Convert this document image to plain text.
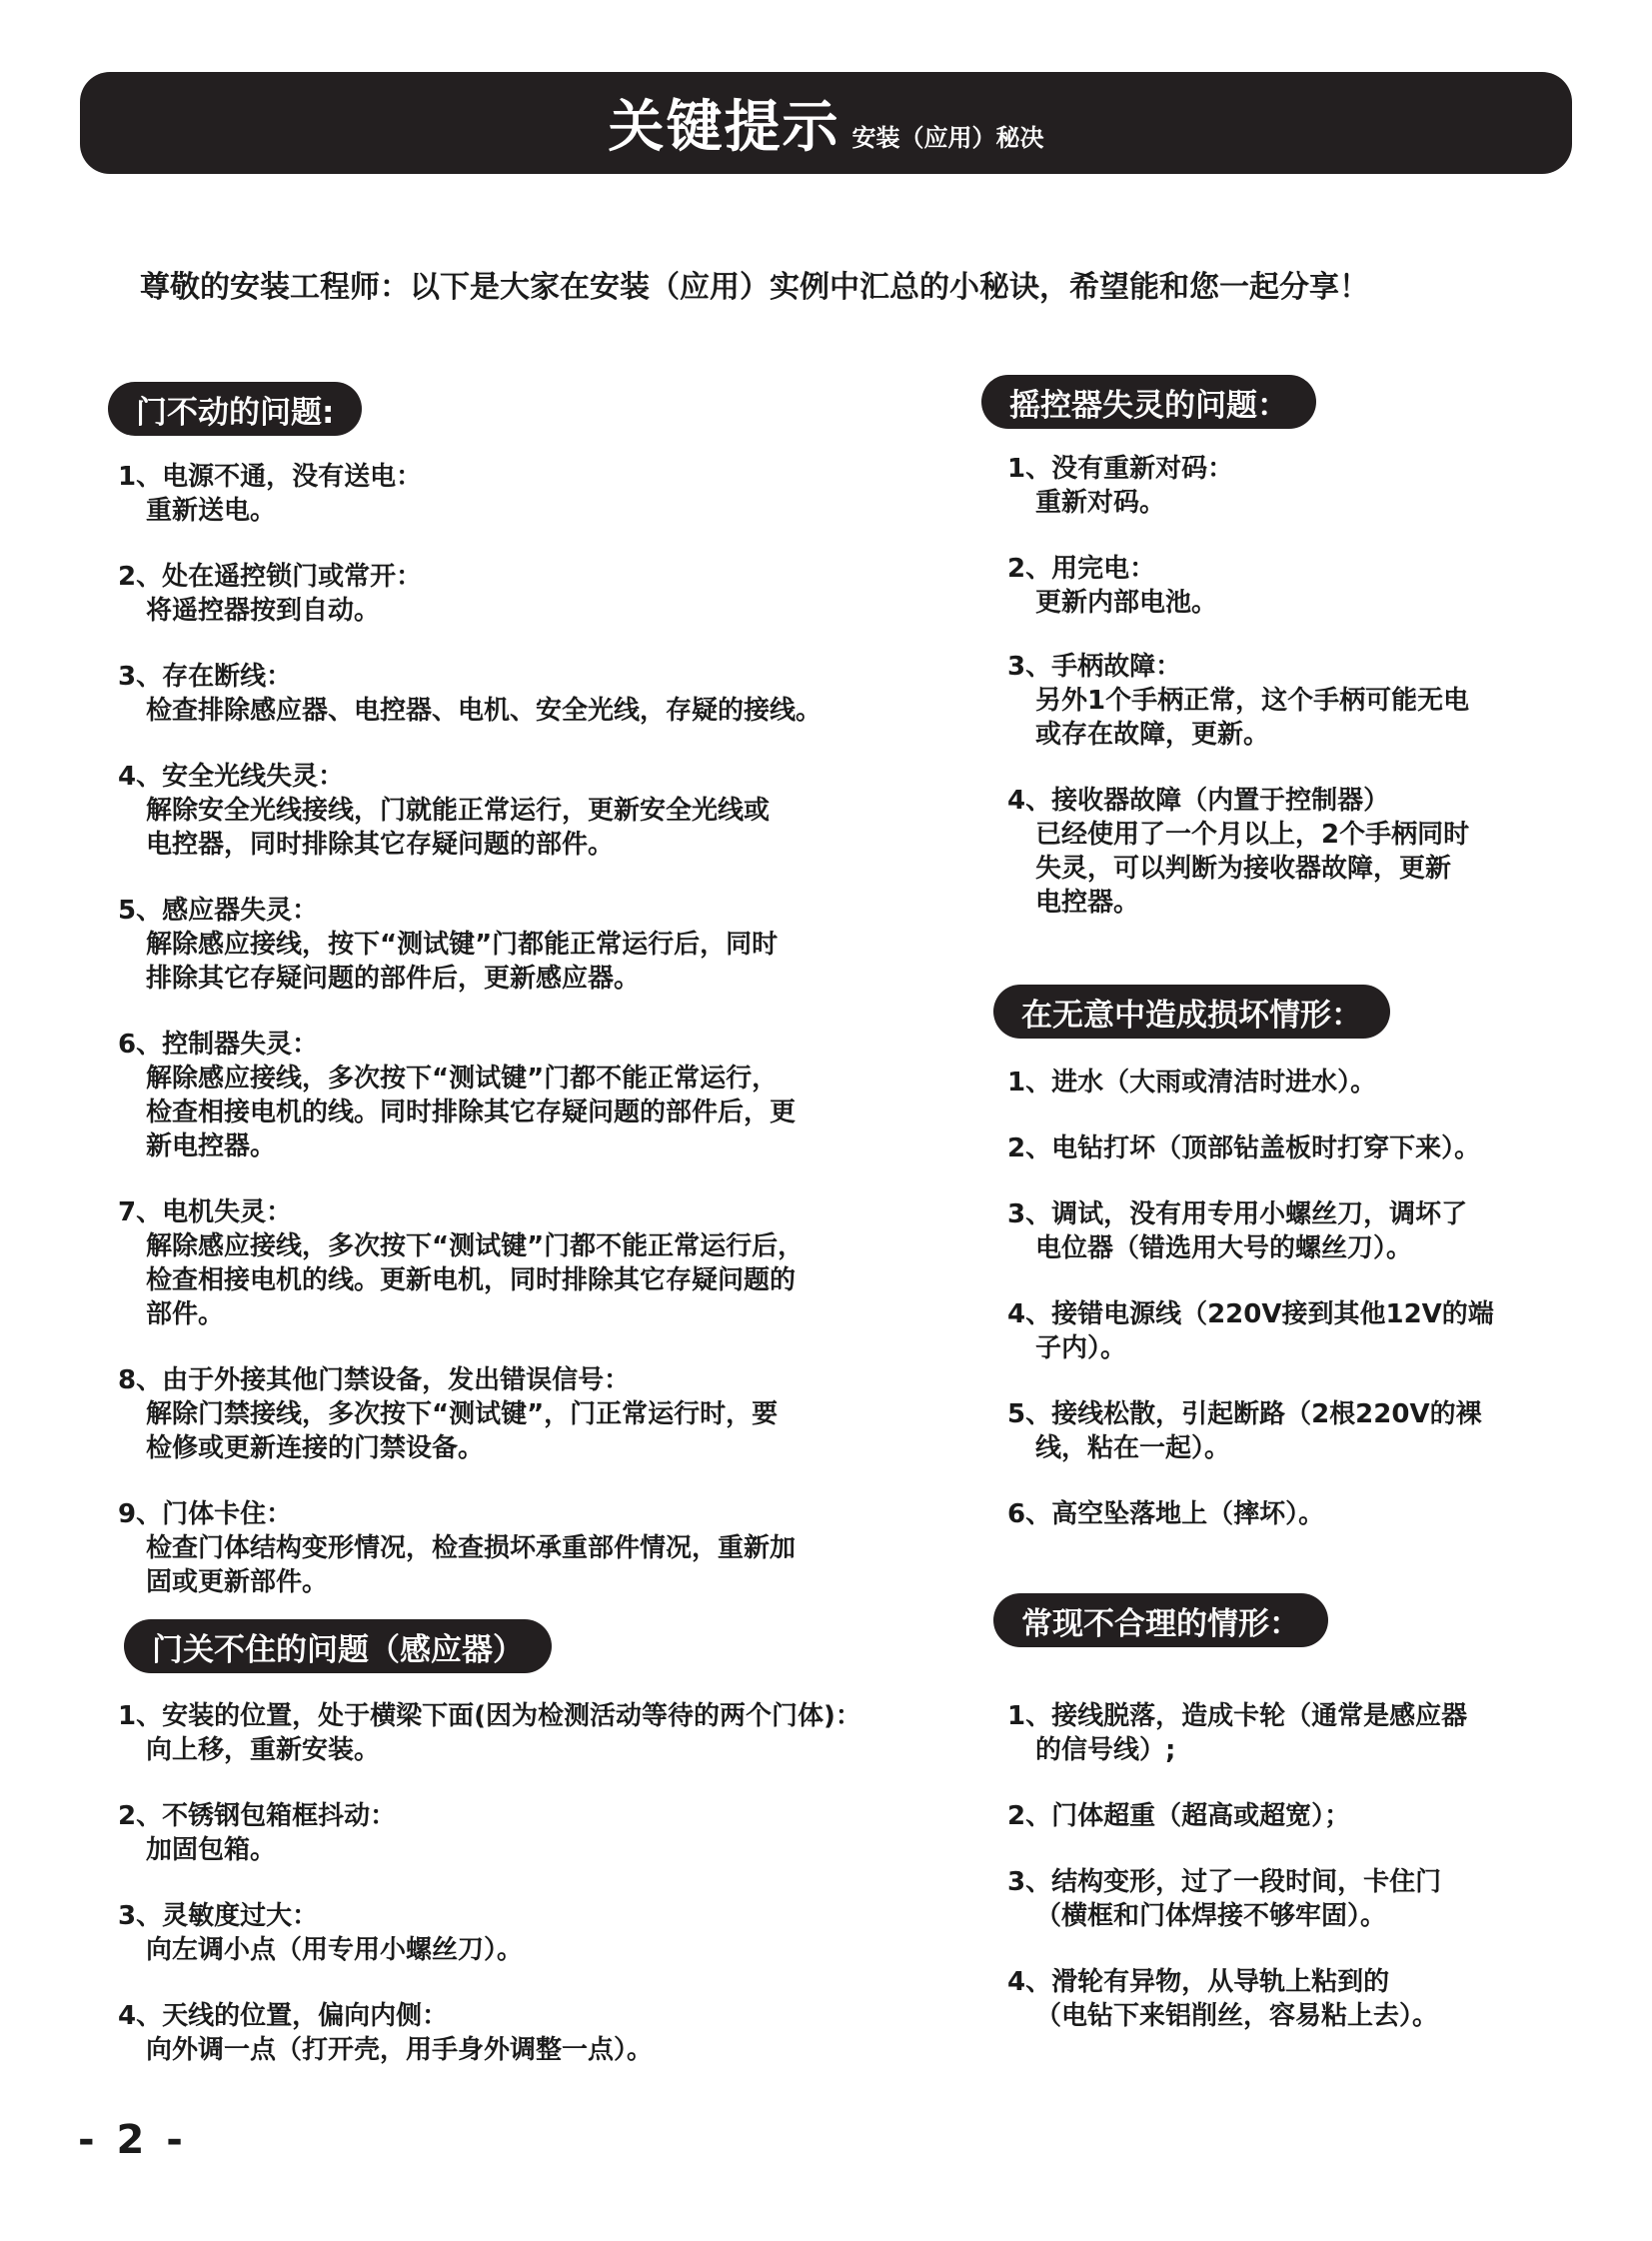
关键提示 安装（应用）秘决
尊敬的安装工程师：以下是大家在安装（应用）实例中汇总的小秘诀，希望能和您一起分享！
门不动的问题:
1、电源不通，没有送电：
重新送电。
2、处在遥控锁门或常开：
将遥控器按到自动。
3、存在断线：
检查排除感应器、电控器、电机、安全光线，存疑的接线。
4、安全光线失灵：
解除安全光线接线，门就能正常运行，更新安全光线或
电控器，同时排除其它存疑问题的部件。
5、感应器失灵：
解除感应接线，按下“测试键”门都能正常运行后，同时
排除其它存疑问题的部件后，更新感应器。
6、控制器失灵：
解除感应接线，多次按下“测试键”门都不能正常运行，
检查相接电机的线。同时排除其它存疑问题的部件后，更
新电控器。
7、电机失灵：
解除感应接线，多次按下“测试键”门都不能正常运行后，
检查相接电机的线。更新电机，同时排除其它存疑问题的
部件。
8、由于外接其他门禁设备，发出错误信号：
解除门禁接线，多次按下“测试键”，门正常运行时，要
检修或更新连接的门禁设备。
9、门体卡住：
检查门体结构变形情况，检查损坏承重部件情况，重新加
固或更新部件。
门关不住的问题（感应器）
1、安装的位置，处于横梁下面(因为检测活动等待的两个门体)：
向上移，重新安装。
2、不锈钢包箱框抖动：
加固包箱。
3、灵敏度过大：
向左调小点（用专用小螺丝刀）。
4、天线的位置，偏向内侧：
向外调一点（打开壳，用手身外调整一点）。
摇控器失灵的问题：
1、没有重新对码：
重新对码。
2、用完电：
更新内部电池。
3、手柄故障：
另外1个手柄正常，这个手柄可能无电
或存在故障，更新。
4、接收器故障（内置于控制器）
已经使用了一个月以上，2个手柄同时
失灵，可以判断为接收器故障，更新
电控器。
在无意中造成损坏情形：
1、进水（大雨或清洁时进水）。
2、电钻打坏（顶部钻盖板时打穿下来）。
3、调试，没有用专用小螺丝刀，调坏了
电位器（错选用大号的螺丝刀）。
4、接错电源线（220V接到其他12V的端
子内）。
5、接线松散，引起断路（2根220V的裸
线，粘在一起）。
6、高空坠落地上（摔坏）。
常现不合理的情形：
1、接线脱落，造成卡轮（通常是感应器
的信号线）;
2、门体超重（超高或超宽）；
3、结构变形，过了一段时间，卡住门
（横框和门体焊接不够牢固）。
4、滑轮有异物，从导轨上粘到的
（电钻下来铝削丝，容易粘上去）。
- 2 -
